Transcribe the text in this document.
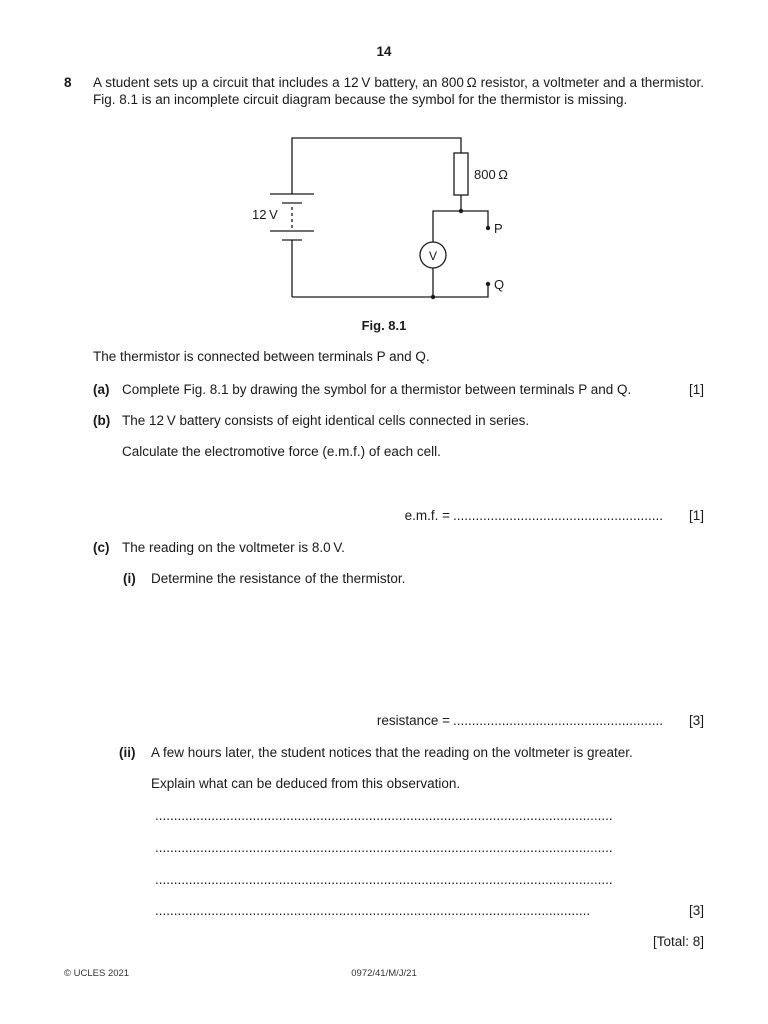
14
8 A student sets up a circuit that includes a 12 V battery, an 800 Ω resistor, a voltmeter and a thermistor. Fig. 8.1 is an incomplete circuit diagram because the symbol for the thermistor is missing.
12 V
800 Ω
V
P
Q
Fig. 8.1
The thermistor is connected between terminals P and Q.
(a) Complete Fig. 8.1 by drawing the symbol for a thermistor between terminals P and Q.	[1]
(b) The 12 V battery consists of eight identical cells connected in series.
Calculate the electromotive force (e.m.f.) of each cell.
e.m.f. = ........................................................	[1]
(c) The reading on the voltmeter is 8.0 V.
(i) Determine the resistance of the thermistor.
resistance = ........................................................	[3]
(ii) A few hours later, the student notices that the reading on the voltmeter is greater.
Explain what can be deduced from this observation.
..........................................................................................................................
..........................................................................................................................
..........................................................................................................................
....................................................................................................................	[3]
[Total: 8]
© UCLES 2021	0972/41/M/J/21
